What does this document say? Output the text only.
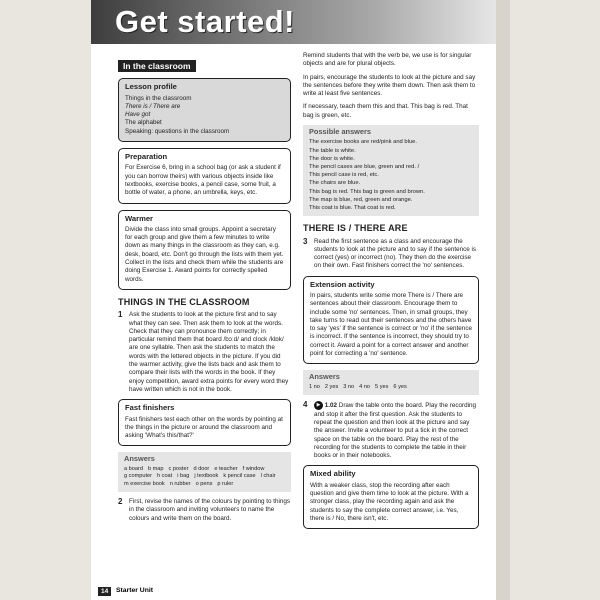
Get started!
In the classroom
Lesson profile

Things in the classroom

There is / There are

Have got

The alphabet

Speaking: questions in the classroom

Preparation

For Exercise 6, bring in a school bag (or ask a student if you can borrow theirs) with various objects inside like textbooks, exercise books, a pencil case, some fruit, a bottle of water, a phone, an umbrella, keys, etc.

Warmer

Divide the class into small groups. Appoint a secretary for each group and give them a few minutes to write down as many things in the classroom as they can, e.g. desk, board, etc. Don't go through the lists with them yet. Collect in the lists and check them while the students are doing Exercise 1. Award points for correctly spelled words.

THINGS IN THE CLASSROOM
1 Ask the students to look at the picture first and to say what they can see. Then ask them to look at the words. Check that they can pronounce them correctly; in particular remind them that board /bɔːd/ and clock /klɒk/ are one syllable. Then ask the students to match the words with the lettered objects in the picture. If you did the warmer activity, give the lists back and ask them to compare their lists with the words in the book. If they enjoy competition, award extra points for every word they have written which is not in the book.
Fast finishers

Fast finishers test each other on the words by pointing at the things in the picture or around the classroom and asking 'What's this/that?'

Answers
a board b map c poster d door e teacher f window
g computer h coat i bag j textbook k pencil case l chair
m exercise book n rubber o pens p ruler
2 First, revise the names of the colours by pointing to things in the classroom and inviting volunteers to name the colours and write them on the board.

Remind students that with the verb be, we use is for singular objects and are for plural objects.

In pairs, encourage the students to look at the picture and say the sentences before they write them down. Then ask them to write at least five sentences.

If necessary, teach them this and that. This bag is red. That bag is green, etc.

Possible answers
The exercise books are red/pink and blue.
The table is white.
The door is white.
The pencil cases are blue, green and red. /
This pencil case is red, etc.
The chairs are blue.
This bag is red. This bag is green and brown.
The map is blue, red, green and orange.
This coat is blue. That coat is red.
THERE IS / THERE ARE
3 Read the first sentence as a class and encourage the students to look at the picture and to say if the sentence is correct (yes) or incorrect (no). They then do the exercise on their own. Fast finishers correct the 'no' sentences.
Extension activity

In pairs, students write some more There is / There are sentences about their classroom. Encourage them to include some 'no' sentences. Then, in small groups, they take turns to read out their sentences and the others have to say 'yes' if the sentence is correct or 'no' if the sentence is incorrect. If the sentence is incorrect, they should try to correct it. Award a point for a correct answer and another point for correcting a 'no' sentence.

Answers
1 no 2 yes 3 no 4 no 5 yes 6 yes
4 ▶ 1.02 Draw the table onto the board. Play the recording and stop it after the first question. Ask the students to repeat the question and then look at the picture and say the answer. Invite a volunteer to put a tick in the correct space on the table on the board. Play the rest of the recording for the students to complete the table in their books or in their notebooks.
Mixed ability

With a weaker class, stop the recording after each question and give them time to look at the picture. With a stronger class, play the recording again and ask the students to say the complete correct answer, i.e. Yes, there is / No, there isn't, etc.

14	Starter Unit
